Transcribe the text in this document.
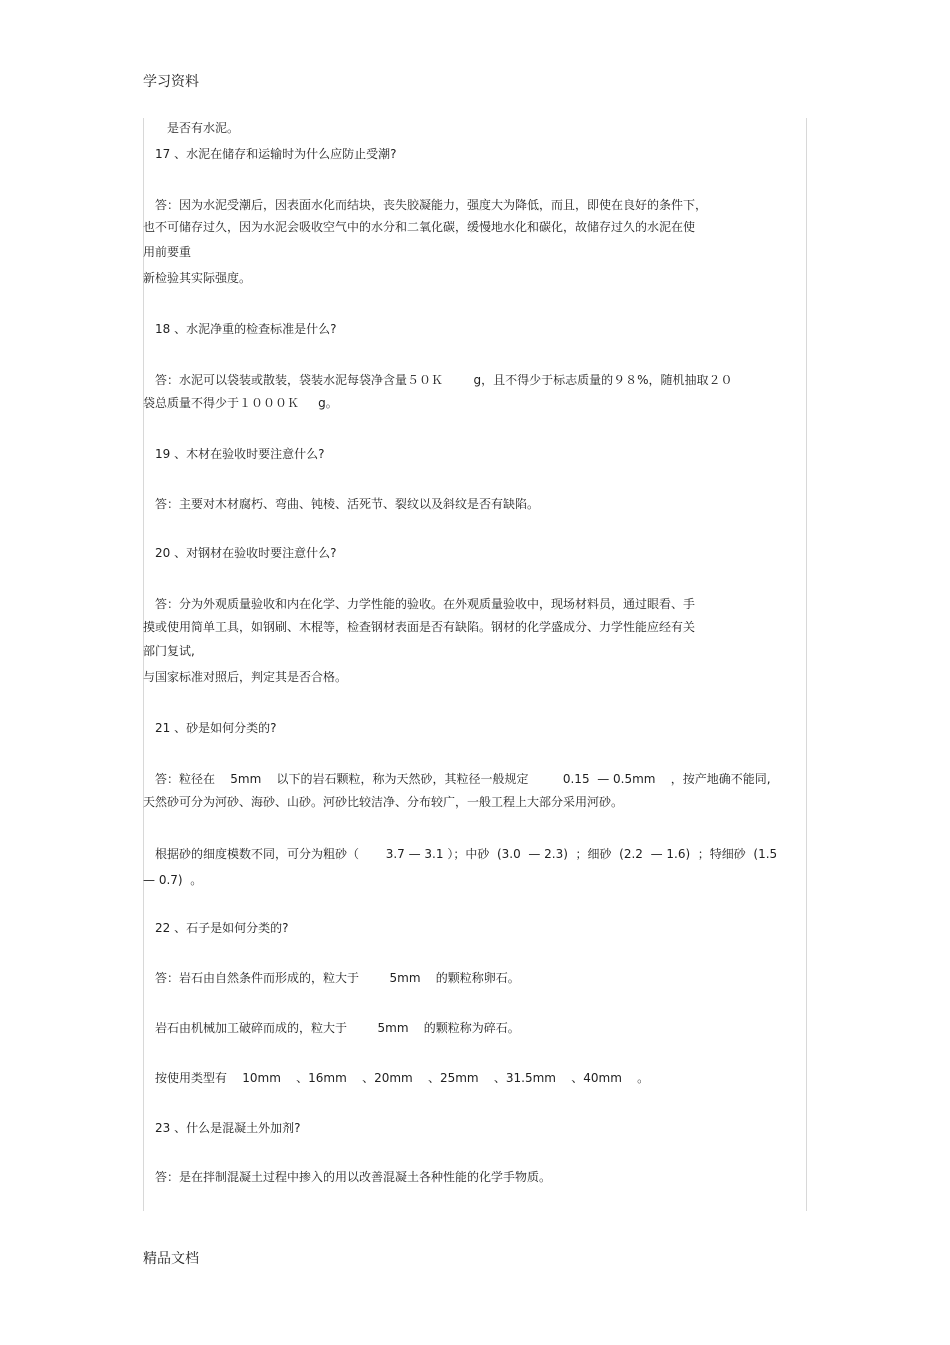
学习资料
是否有水泥。
17 、水泥在储存和运输时为什么应防止受潮?
答：因为水泥受潮后，因表面水化而结块，丧失胶凝能力，强度大为降低，而且，即使在良好的条件下，
也不可储存过久，因为水泥会吸收空气中的水分和二氧化碳，缓慢地水化和碳化，故储存过久的水泥在使
用前要重
新检验其实际强度。
18 、水泥净重的检查标准是什么?
答：水泥可以袋装或散装，袋装水泥每袋净含量５０Ｋ        g，且不得少于标志质量的９８%，随机抽取２０
袋总质量不得少于１０００Ｋ     g。
19 、木材在验收时要注意什么?
答：主要对木材腐朽、弯曲、钝棱、活死节、裂纹以及斜纹是否有缺陷。
20 、对钢材在验收时要注意什么?
答：分为外观质量验收和内在化学、力学性能的验收。在外观质量验收中，现场材料员，通过眼看、手
摸或使用简单工具，如钢刷、木棍等，检查钢材表面是否有缺陷。钢材的化学盛成分、力学性能应经有关
部门复试,
与国家标准对照后，判定其是否合格。
21 、砂是如何分类的?
答：粒径在    5mm    以下的岩石颗粒，称为天然砂，其粒径一般规定         0.15  — 0.5mm    ，按产地确不能同,
天然砂可分为河砂、海砂、山砂。河砂比较洁净、分布较广，一般工程上大部分采用河砂。
根据砂的细度模数不同，可分为粗砂（       3.7 — 3.1 ）；中砂  (3.0  — 2.3)  ；细砂  (2.2  — 1.6)  ；特细砂  (1.5
— 0.7)  。
22 、石子是如何分类的?
答：岩石由自然条件而形成的，粒大于        5mm    的颗粒称卵石。
岩石由机械加工破碎而成的，粒大于        5mm    的颗粒称为碎石。
按使用类型有    10mm    、16mm    、20mm    、25mm    、31.5mm    、40mm    。
23 、什么是混凝土外加剂?
答：是在拌制混凝土过程中掺入的用以改善混凝土各种性能的化学手物质。
精品文档
